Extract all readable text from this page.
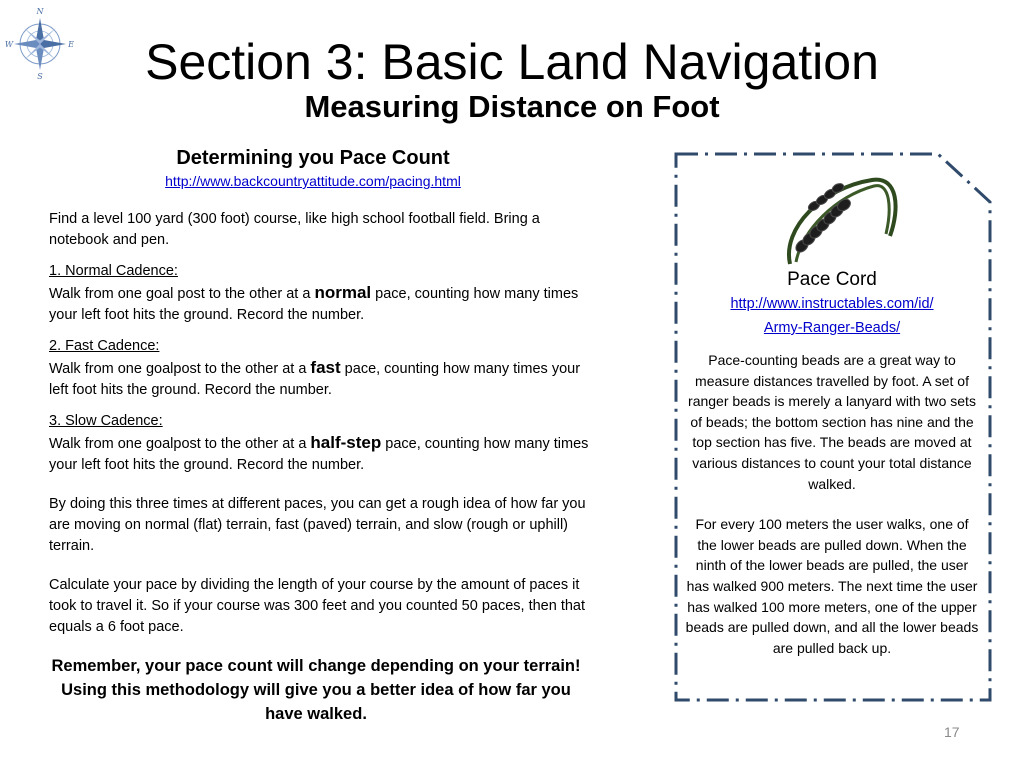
N
E
S
W	Section 3: Basic Land Navigation
Measuring Distance on Foot
Determining you Pace Count
http://www.backcountryattitude.com/pacing.html

Find a level 100 yard (300 foot) course, like high school football field. Bring a notebook and pen.

1. Normal Cadence:
Walk from one goal post to the other at a normal pace, counting how many times your left foot hits the ground. Record the number.
2. Fast Cadence:
Walk from one goalpost to the other at a fast pace, counting how many times your left foot hits the ground. Record the number.
3. Slow Cadence:
Walk from one goalpost to the other at a half-step pace, counting how many times your left foot hits the ground. Record the number.

By doing this three times at different paces, you can get a rough idea of how far you are moving on normal (flat) terrain, fast (paved) terrain, and slow (rough or uphill) terrain.

Calculate your pace by dividing the length of your course by the amount of paces it took to travel it. So if your course was 300 feet and you counted 50 paces, then that equals a 6 foot pace.

Remember, your pace count will change depending on your terrain! Using this methodology will give you a better idea of how far you have walked.

Pace Cord
http://www.instructables.com/id/
Army-Ranger-Beads/

Pace-counting beads are a great way to measure distances travelled by foot. A set of ranger beads is merely a lanyard with two sets of beads; the bottom section has nine and the top section has five. The beads are moved at various distances to count your total distance walked.

For every 100 meters the user walks, one of the lower beads are pulled down. When the ninth of the lower beads are pulled, the user has walked 900 meters. The next time the user has walked 100 more meters, one of the upper beads are pulled down, and all the lower beads are pulled back up.

17
